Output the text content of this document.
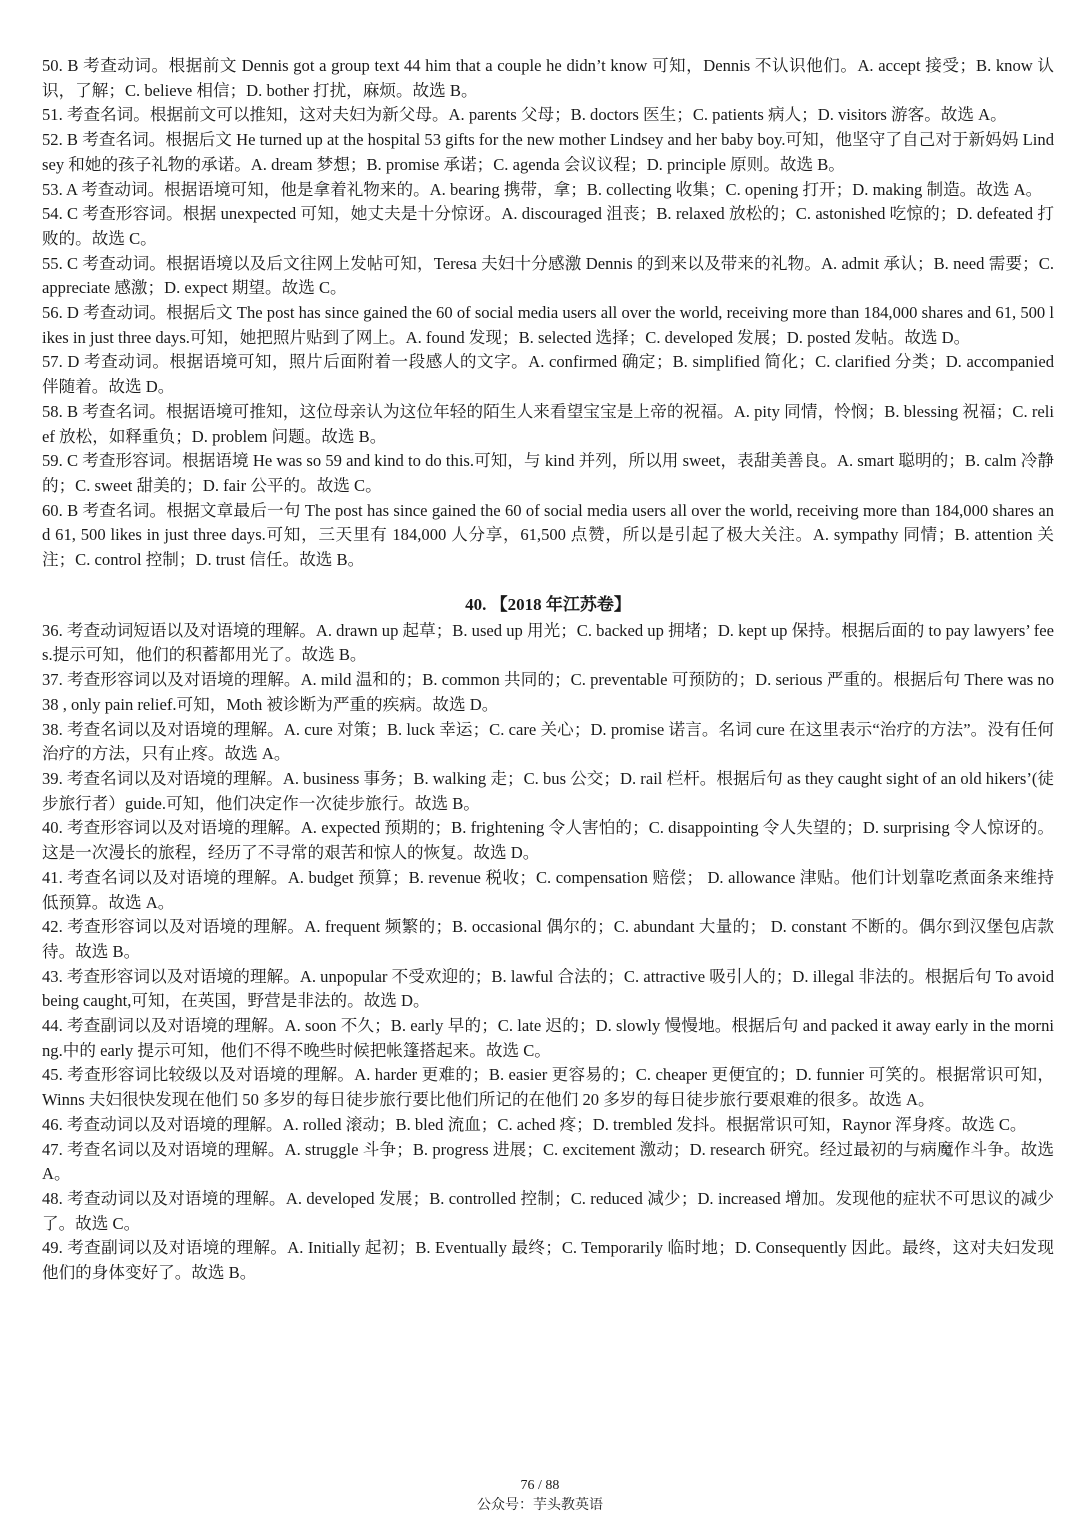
50. B 考查动词。根据前文 Dennis got a group text 44 him that a couple he didn’t know 可知，Dennis 不认识他们。A. accept 接受；B. know 认识，了解；C. believe 相信；D. bother 打扰，麻烦。故选 B。

51. 考查名词。根据前文可以推知，这对夫妇为新父母。A. parents 父母；B. doctors 医生；C. patients 病人；D. visitors 游客。故选 A。

52. B 考查名词。根据后文 He turned up at the hospital 53 gifts for the new mother Lindsey and her baby boy.可知，他坚守了自己对于新妈妈 Lindsey 和她的孩子礼物的承诺。A. dream 梦想；B. promise 承诺；C. agenda 会议议程；D. principle 原则。故选 B。

53. A 考查动词。根据语境可知，他是拿着礼物来的。A. bearing 携带，拿；B. collecting 收集；C. opening 打开；D. making 制造。故选 A。

54. C 考查形容词。根据 unexpected 可知，她丈夫是十分惊讶。A. discouraged 沮丧；B. relaxed 放松的；C. astonished 吃惊的；D. defeated 打败的。故选 C。

55. C 考查动词。根据语境以及后文往网上发帖可知，Teresa 夫妇十分感激 Dennis 的到来以及带来的礼物。A. admit 承认；B. need 需要；C. appreciate 感激；D. expect 期望。故选 C。

56. D 考查动词。根据后文 The post has since gained the 60 of social media users all over the world, receiving more than 184,000 shares and 61, 500 likes in just three days.可知，她把照片贴到了网上。A. found 发现；B. selected 选择；C. developed 发展；D. posted 发帖。故选 D。

57. D 考查动词。根据语境可知，照片后面附着一段感人的文字。A. confirmed 确定；B. simplified 简化；C. clarified 分类；D. accompanied 伴随着。故选 D。

58. B 考查名词。根据语境可推知，这位母亲认为这位年轻的陌生人来看望宝宝是上帝的祝福。A. pity 同情，怜悯；B. blessing 祝福；C. relief 放松，如释重负；D. problem 问题。故选 B。

59. C 考查形容词。根据语境 He was so 59 and kind to do this.可知，与 kind 并列，所以用 sweet，表甜美善良。A. smart 聪明的；B. calm 冷静的；C. sweet 甜美的；D. fair 公平的。故选 C。

60. B 考查名词。根据文章最后一句 The post has since gained the 60 of social media users all over the world, receiving more than 184,000 shares and 61, 500 likes in just three days.可知，三天里有 184,000 人分享，61,500 点赞，所以是引起了极大关注。A. sympathy 同情；B. attention 关注；C. control 控制；D. trust 信任。故选 B。

40. 【2018 年江苏卷】

36. 考查动词短语以及对语境的理解。A. drawn up 起草；B. used up 用光；C. backed up 拥堵；D. kept up 保持。根据后面的 to pay lawyers’ fees.提示可知，他们的积蓄都用光了。故选 B。

37. 考查形容词以及对语境的理解。A. mild 温和的；B. common 共同的；C. preventable 可预防的；D. serious 严重的。根据后句 There was no 38 , only pain relief.可知，Moth 被诊断为严重的疾病。故选 D。

38. 考查名词以及对语境的理解。A. cure 对策；B. luck 幸运；C. care 关心；D. promise 诺言。名词 cure 在这里表示“治疗的方法”。没有任何治疗的方法，只有止疼。故选 A。

39. 考查名词以及对语境的理解。A. business 事务；B. walking 走；C. bus 公交；D. rail 栏杆。根据后句 as they caught sight of an old hikers’(徒步旅行者）guide.可知，他们决定作一次徒步旅行。故选 B。

40. 考查形容词以及对语境的理解。A. expected 预期的；B. frightening 令人害怕的；C. disappointing 令人失望的；D. surprising 令人惊讶的。这是一次漫长的旅程，经历了不寻常的艰苦和惊人的恢复。故选 D。

41. 考查名词以及对语境的理解。A. budget 预算；B. revenue 税收；C. compensation 赔偿； D. allowance 津贴。他们计划靠吃煮面条来维持低预算。故选 A。

42. 考查形容词以及对语境的理解。A. frequent 频繁的；B. occasional 偶尔的；C. abundant 大量的； D. constant 不断的。偶尔到汉堡包店款待。故选 B。

43. 考查形容词以及对语境的理解。A. unpopular 不受欢迎的；B. lawful 合法的；C. attractive 吸引人的；D. illegal 非法的。根据后句 To avoid being caught,可知，在英国，野营是非法的。故选 D。

44. 考查副词以及对语境的理解。A. soon 不久；B. early 早的；C. late 迟的；D. slowly 慢慢地。根据后句 and packed it away early in the morning.中的 early 提示可知，他们不得不晚些时候把帐篷搭起来。故选 C。

45. 考查形容词比较级以及对语境的理解。A. harder 更难的；B. easier 更容易的；C. cheaper 更便宜的；D. funnier 可笑的。根据常识可知，Winns 夫妇很快发现在他们 50 多岁的每日徒步旅行要比他们所记的在他们 20 多岁的每日徒步旅行要艰难的很多。故选 A。

46. 考查动词以及对语境的理解。A. rolled 滚动；B. bled 流血；C. ached 疼；D. trembled 发抖。根据常识可知，Raynor 浑身疼。故选 C。

47. 考查名词以及对语境的理解。A. struggle 斗争；B. progress 进展；C. excitement 激动；D. research 研究。经过最初的与病魔作斗争。故选 A。

48. 考查动词以及对语境的理解。A. developed 发展；B. controlled 控制；C. reduced 减少；D. increased 增加。发现他的症状不可思议的减少了。故选 C。

49. 考查副词以及对语境的理解。A. Initially 起初；B. Eventually 最终；C. Temporarily 临时地；D. Consequently 因此。最终，这对夫妇发现他们的身体变好了。故选 B。

76 / 88
公众号：芋头教英语
